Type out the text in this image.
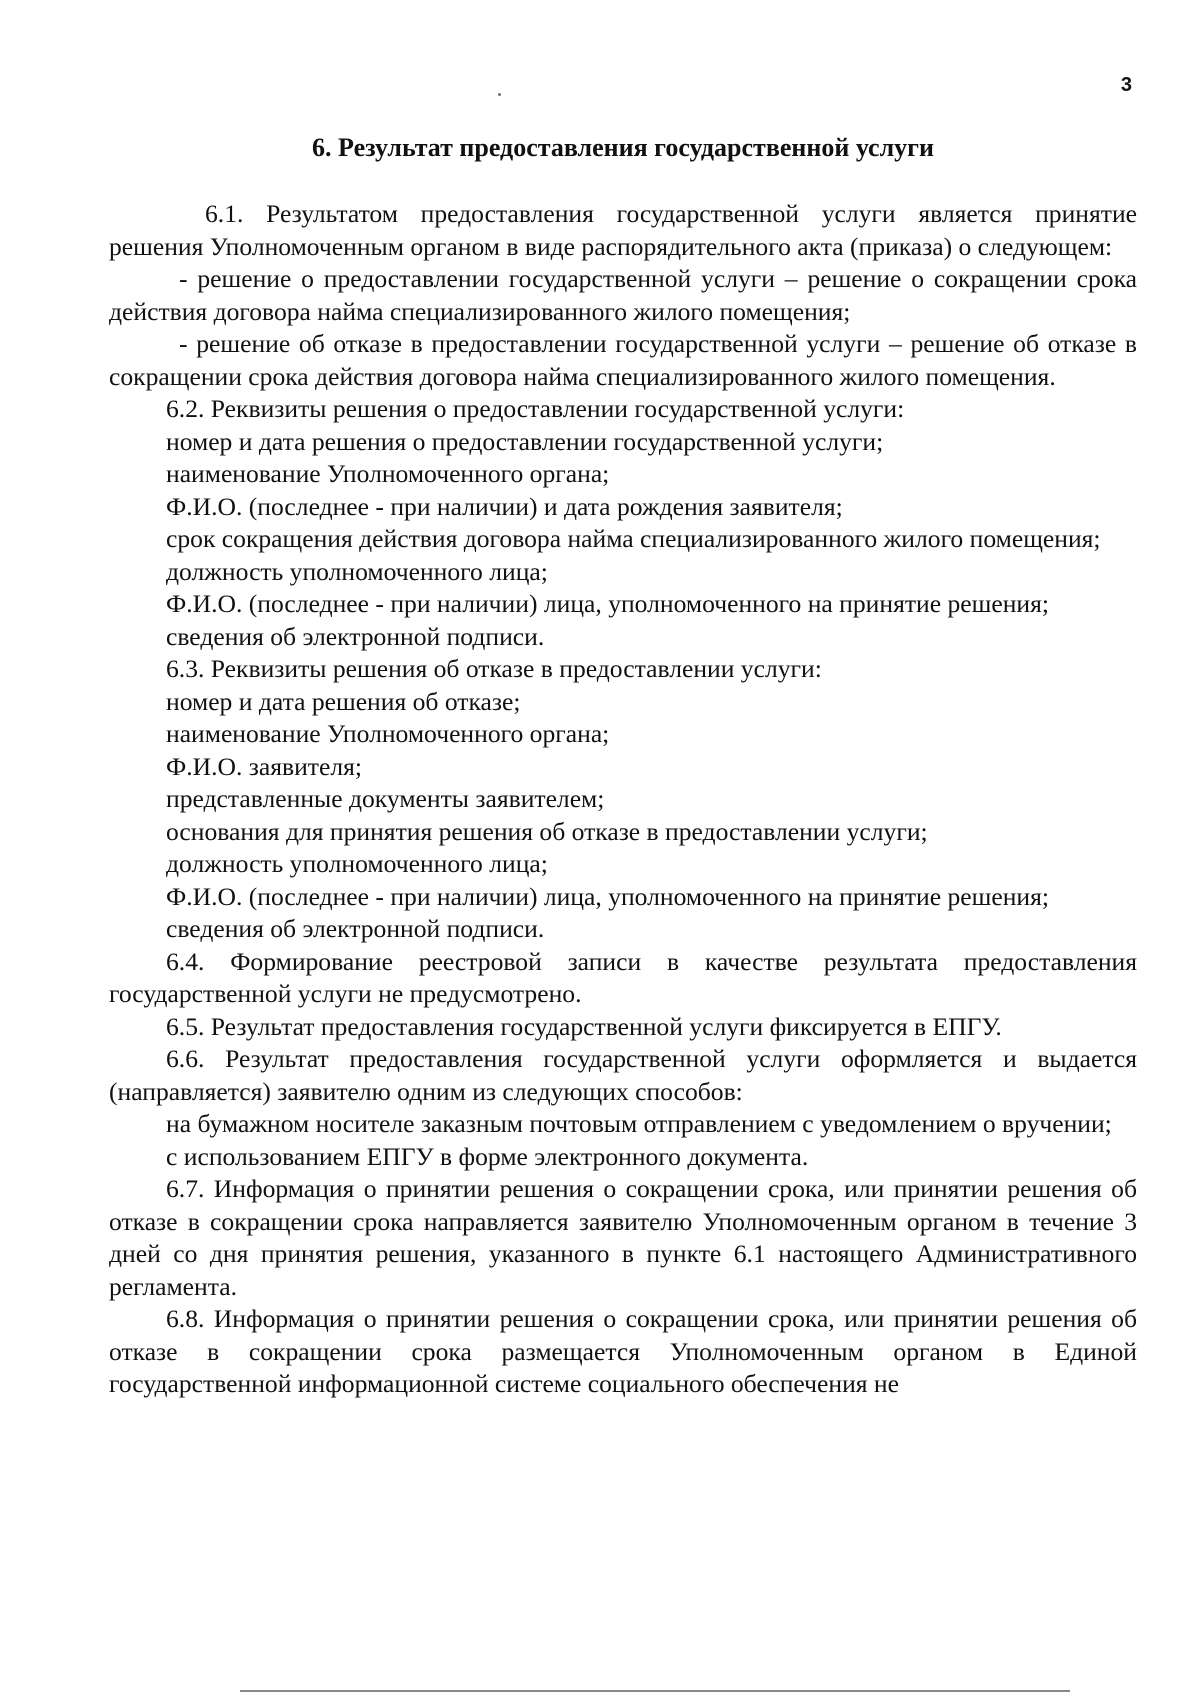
3
6. Результат предоставления государственной услуги

6.1. Результатом предоставления государственной услуги является принятие решения Уполномоченным органом в виде распорядительного акта (приказа) о следующем:

- решение о предоставлении государственной услуги – решение о сокращении срока действия договора найма специализированного жилого помещения;

- решение об отказе в предоставлении государственной услуги – решение об отказе в сокращении срока действия договора найма специализированного жилого помещения.

6.2. Реквизиты решения о предоставлении государственной услуги:

номер и дата решения о предоставлении государственной услуги;

наименование Уполномоченного органа;

Ф.И.О. (последнее - при наличии) и дата рождения заявителя;

срок сокращения действия договора найма специализированного жилого помещения;

должность уполномоченного лица;

Ф.И.О. (последнее - при наличии) лица, уполномоченного на принятие решения;

сведения об электронной подписи.

6.3. Реквизиты решения об отказе в предоставлении услуги:

номер и дата решения об отказе;

наименование Уполномоченного органа;

Ф.И.О. заявителя;

представленные документы заявителем;

основания для принятия решения об отказе в предоставлении услуги;

должность уполномоченного лица;

Ф.И.О. (последнее - при наличии) лица, уполномоченного на принятие решения;

сведения об электронной подписи.

6.4. Формирование реестровой записи в качестве результата предоставления государственной услуги не предусмотрено.

6.5. Результат предоставления государственной услуги фиксируется в ЕПГУ.

6.6. Результат предоставления государственной услуги оформляется и выдается (направляется) заявителю одним из следующих способов:

на бумажном носителе заказным почтовым отправлением с уведомлением о вручении;

с использованием ЕПГУ в форме электронного документа.

6.7. Информация о принятии решения о сокращении срока, или принятии решения об отказе в сокращении срока направляется заявителю Уполномоченным органом в течение 3 дней со дня принятия решения, указанного в пункте 6.1 настоящего Административного регламента.

6.8. Информация о принятии решения о сокращении срока, или принятии решения об отказе в сокращении срока размещается Уполномоченным органом в Единой государственной информационной системе социального обеспечения не
